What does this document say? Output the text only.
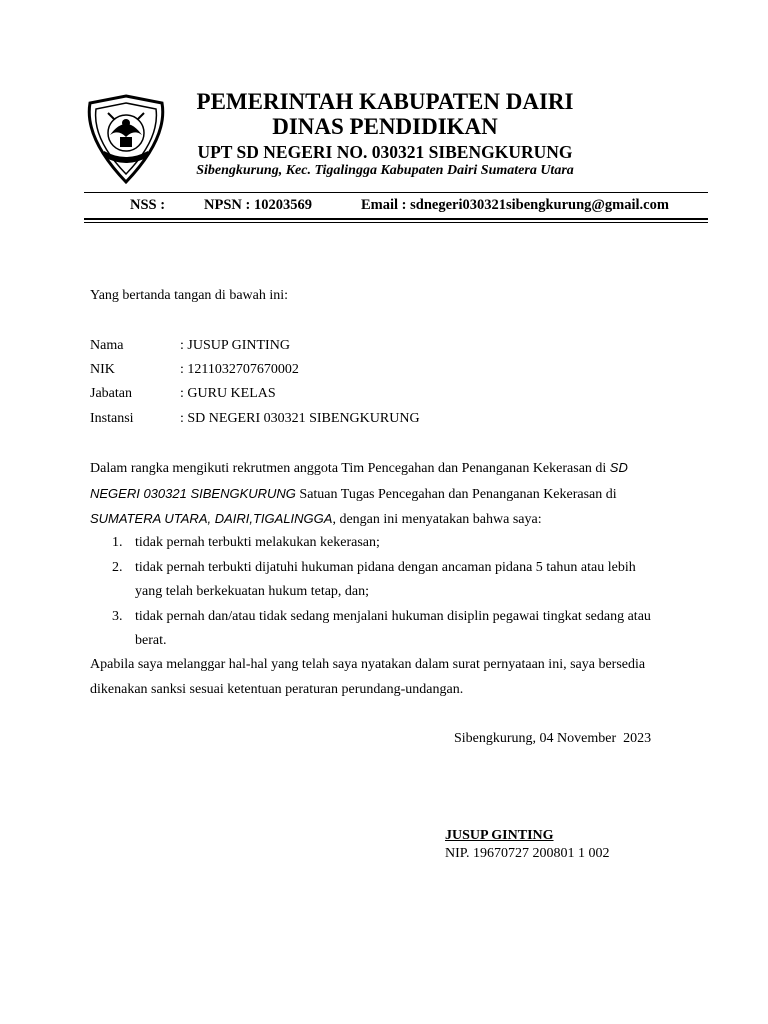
PEMERINTAH KABUPATEN DAIRI
DINAS PENDIDIKAN
UPT SD NEGERI NO. 030321 SIBENGKURUNG
Sibengkurung, Kec. Tigalingga Kabupaten Dairi Sumatera Utara
NSS :	NPSN : 10203569	Email : sdnegeri030321sibengkurung@gmail.com
Yang bertanda tangan di bawah ini:
Nama	: JUSUP GINTING
NIK	: 1211032707670002
Jabatan	: GURU KELAS
Instansi	: SD NEGERI 030321 SIBENGKURUNG
Dalam rangka mengikuti rekrutmen anggota Tim Pencegahan dan Penanganan Kekerasan di SD
NEGERI 030321 SIBENGKURUNG Satuan Tugas Pencegahan dan Penanganan Kekerasan di
SUMATERA UTARA, DAIRI,TIGALINGGA, dengan ini menyatakan bahwa saya:
1. tidak pernah terbukti melakukan kekerasan;
2. tidak pernah terbukti dijatuhi hukuman pidana dengan ancaman pidana 5 tahun atau lebih
yang telah berkekuatan hukum tetap, dan;
3. tidak pernah dan/atau tidak sedang menjalani hukuman disiplin pegawai tingkat sedang atau
berat.
Apabila saya melanggar hal-hal yang telah saya nyatakan dalam surat pernyataan ini, saya bersedia
dikenakan sanksi sesuai ketentuan peraturan perundang-undangan.
Sibengkurung, 04 November  2023
JUSUP GINTING
NIP. 19670727 200801 1 002
